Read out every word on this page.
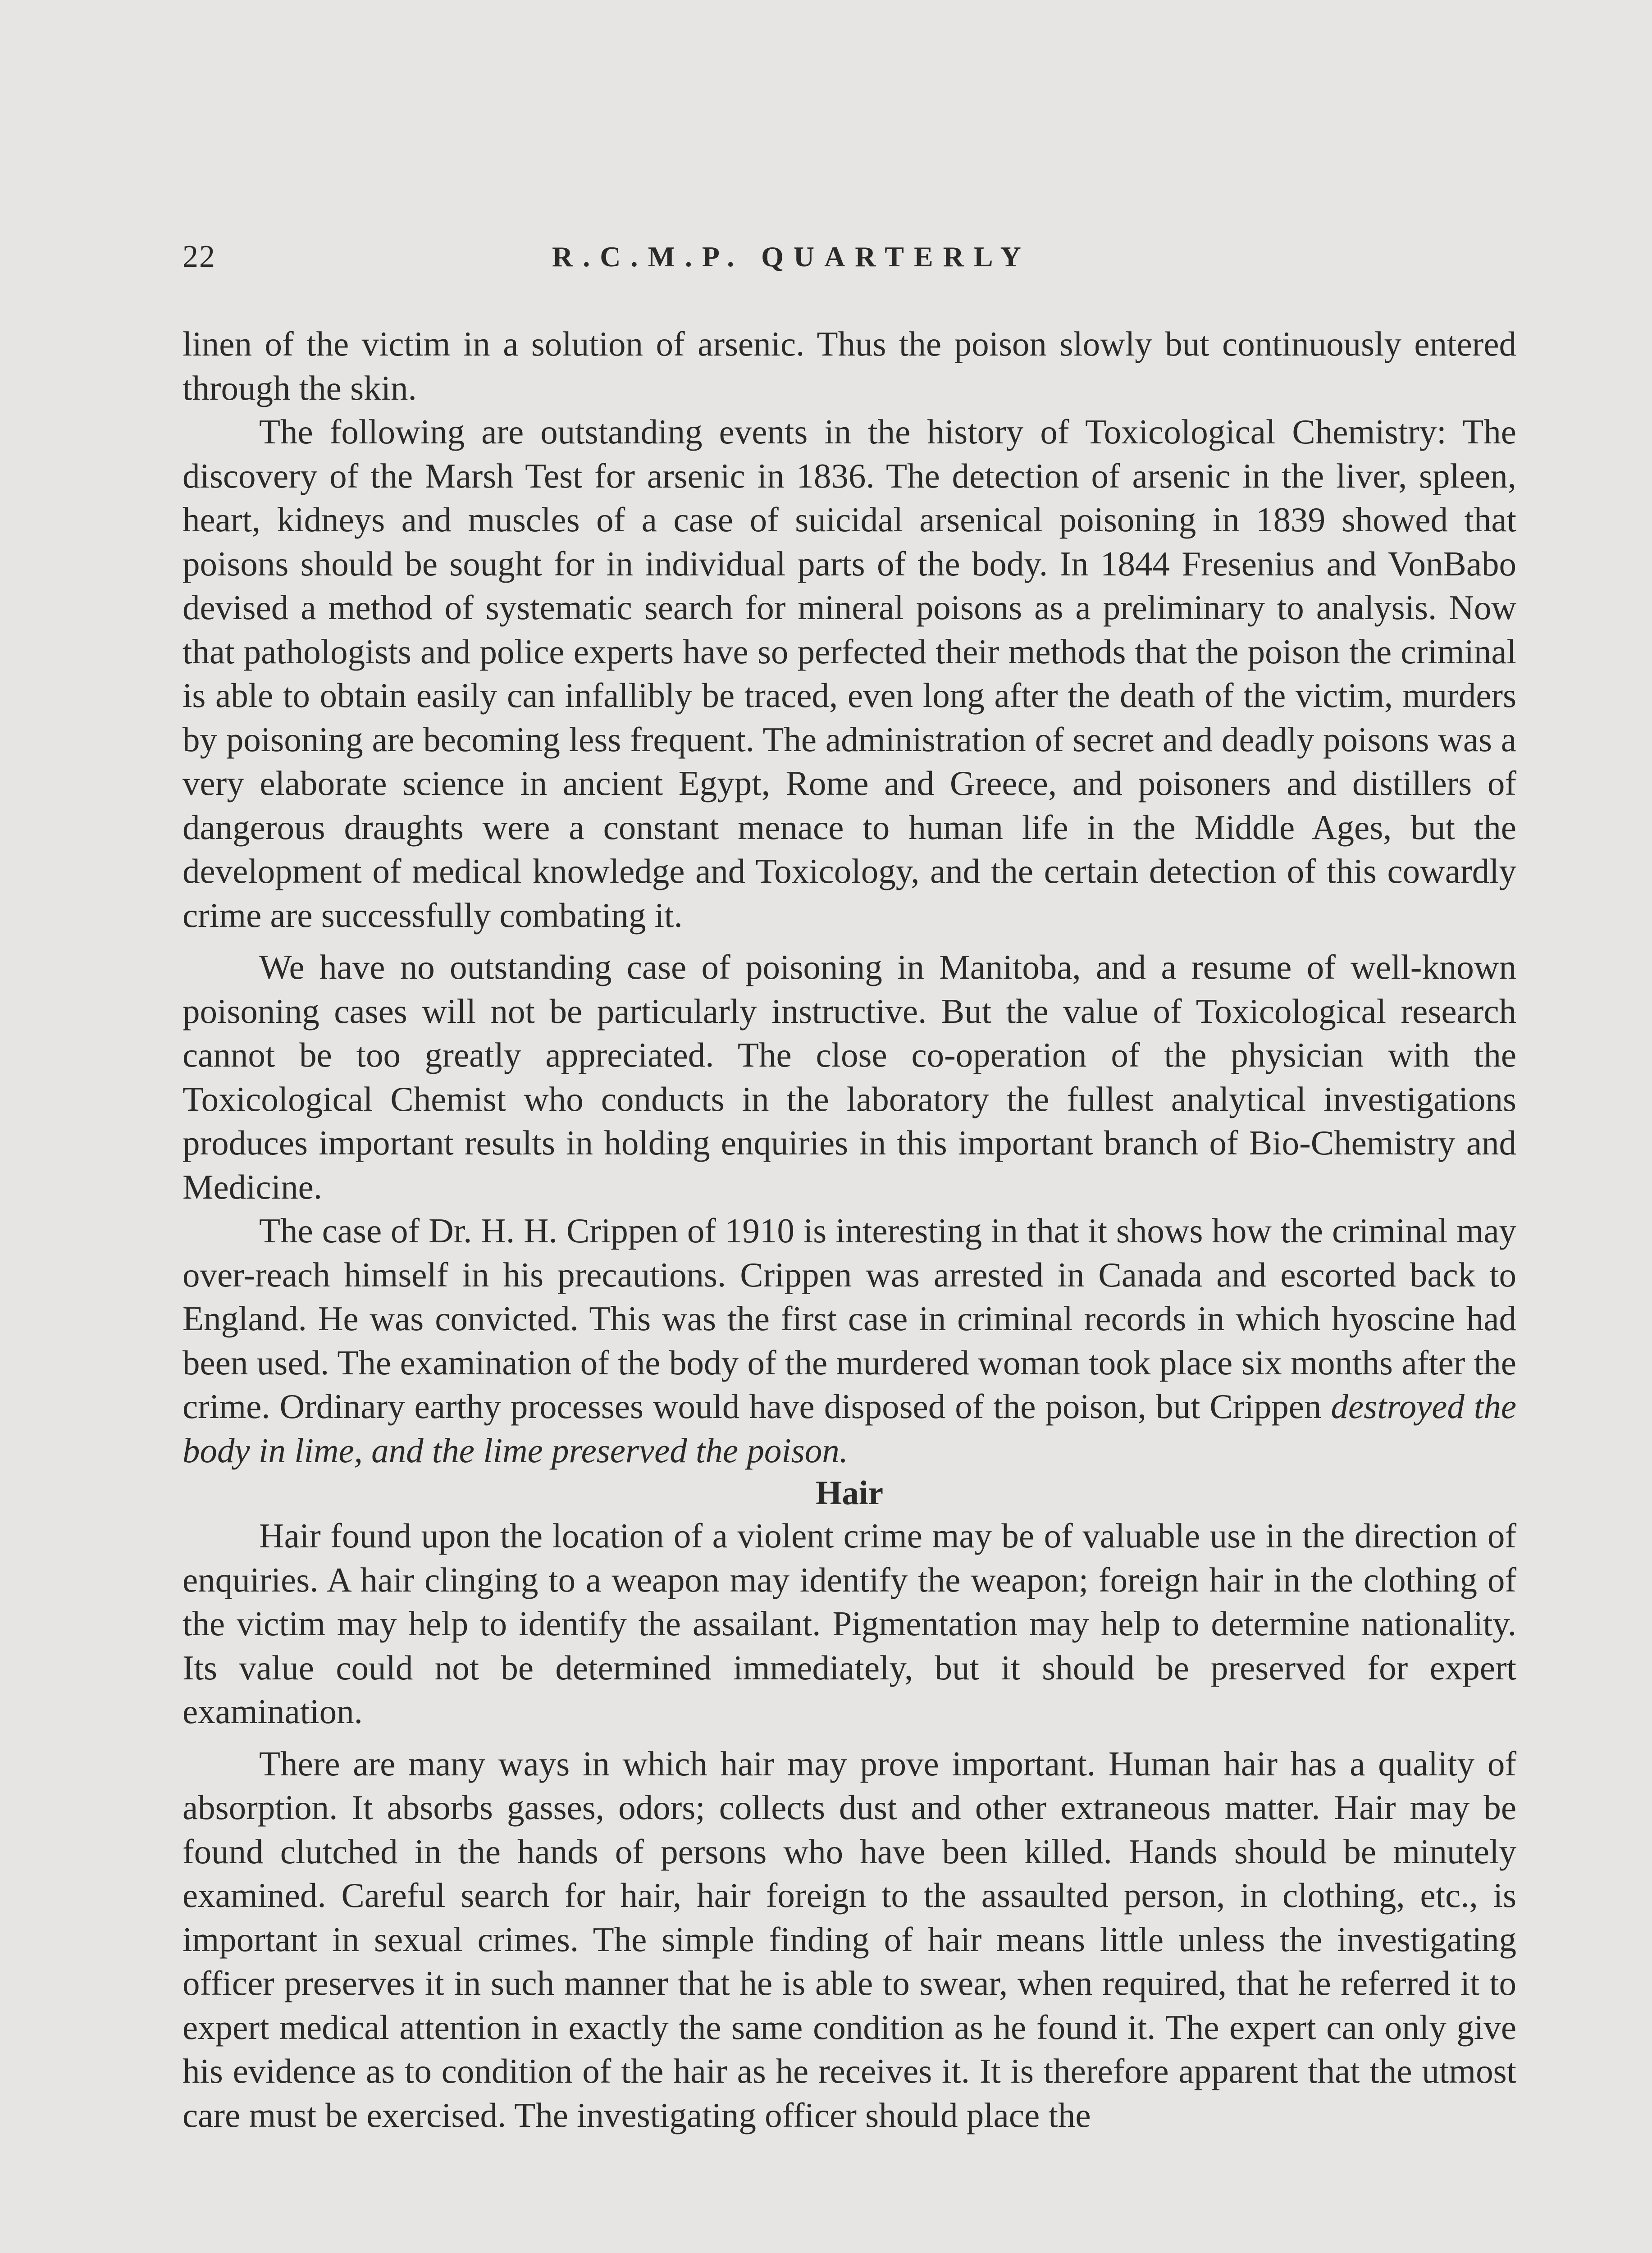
22	R.C.M.P. QUARTERLY

linen of the victim in a solution of arsenic. Thus the poison slowly but continuously entered through the skin.

The following are outstanding events in the history of Toxicological Chemistry: The discovery of the Marsh Test for arsenic in 1836. The detection of arsenic in the liver, spleen, heart, kidneys and muscles of a case of suicidal arsenical poisoning in 1839 showed that poisons should be sought for in individual parts of the body. In 1844 Fresenius and VonBabo devised a method of systematic search for mineral poisons as a preliminary to analysis. Now that pathologists and police experts have so perfected their methods that the poison the criminal is able to obtain easily can infallibly be traced, even long after the death of the victim, murders by poisoning are becoming less frequent. The administration of secret and deadly poisons was a very elaborate science in ancient Egypt, Rome and Greece, and poisoners and distillers of dangerous draughts were a constant menace to human life in the Middle Ages, but the development of medical knowledge and Toxicology, and the certain detection of this cowardly crime are successfully combating it.

We have no outstanding case of poisoning in Manitoba, and a resume of well-known poisoning cases will not be particularly instructive. But the value of Toxicological research cannot be too greatly appreciated. The close co-operation of the physician with the Toxicological Chemist who conducts in the laboratory the fullest analytical investigations produces important results in holding enquiries in this important branch of Bio-Chemistry and Medicine.

The case of Dr. H. H. Crippen of 1910 is interesting in that it shows how the criminal may over-reach himself in his precautions. Crippen was arrested in Canada and escorted back to England. He was convicted. This was the first case in criminal records in which hyoscine had been used. The examination of the body of the murdered woman took place six months after the crime. Ordinary earthy processes would have disposed of the poison, but Crippen destroyed the body in lime, and the lime preserved the poison.

Hair

Hair found upon the location of a violent crime may be of valuable use in the direction of enquiries. A hair clinging to a weapon may identify the weapon; foreign hair in the clothing of the victim may help to identify the assailant. Pigmentation may help to determine nationality. Its value could not be determined immediately, but it should be preserved for expert examination.

There are many ways in which hair may prove important. Human hair has a quality of absorption. It absorbs gasses, odors; collects dust and other extraneous matter. Hair may be found clutched in the hands of persons who have been killed. Hands should be minutely examined. Careful search for hair, hair foreign to the assaulted person, in clothing, etc., is important in sexual crimes. The simple finding of hair means little unless the investigating officer preserves it in such manner that he is able to swear, when required, that he referred it to expert medical attention in exactly the same condition as he found it. The expert can only give his evidence as to condition of the hair as he receives it. It is therefore apparent that the utmost care must be exercised. The investigating officer should place the
